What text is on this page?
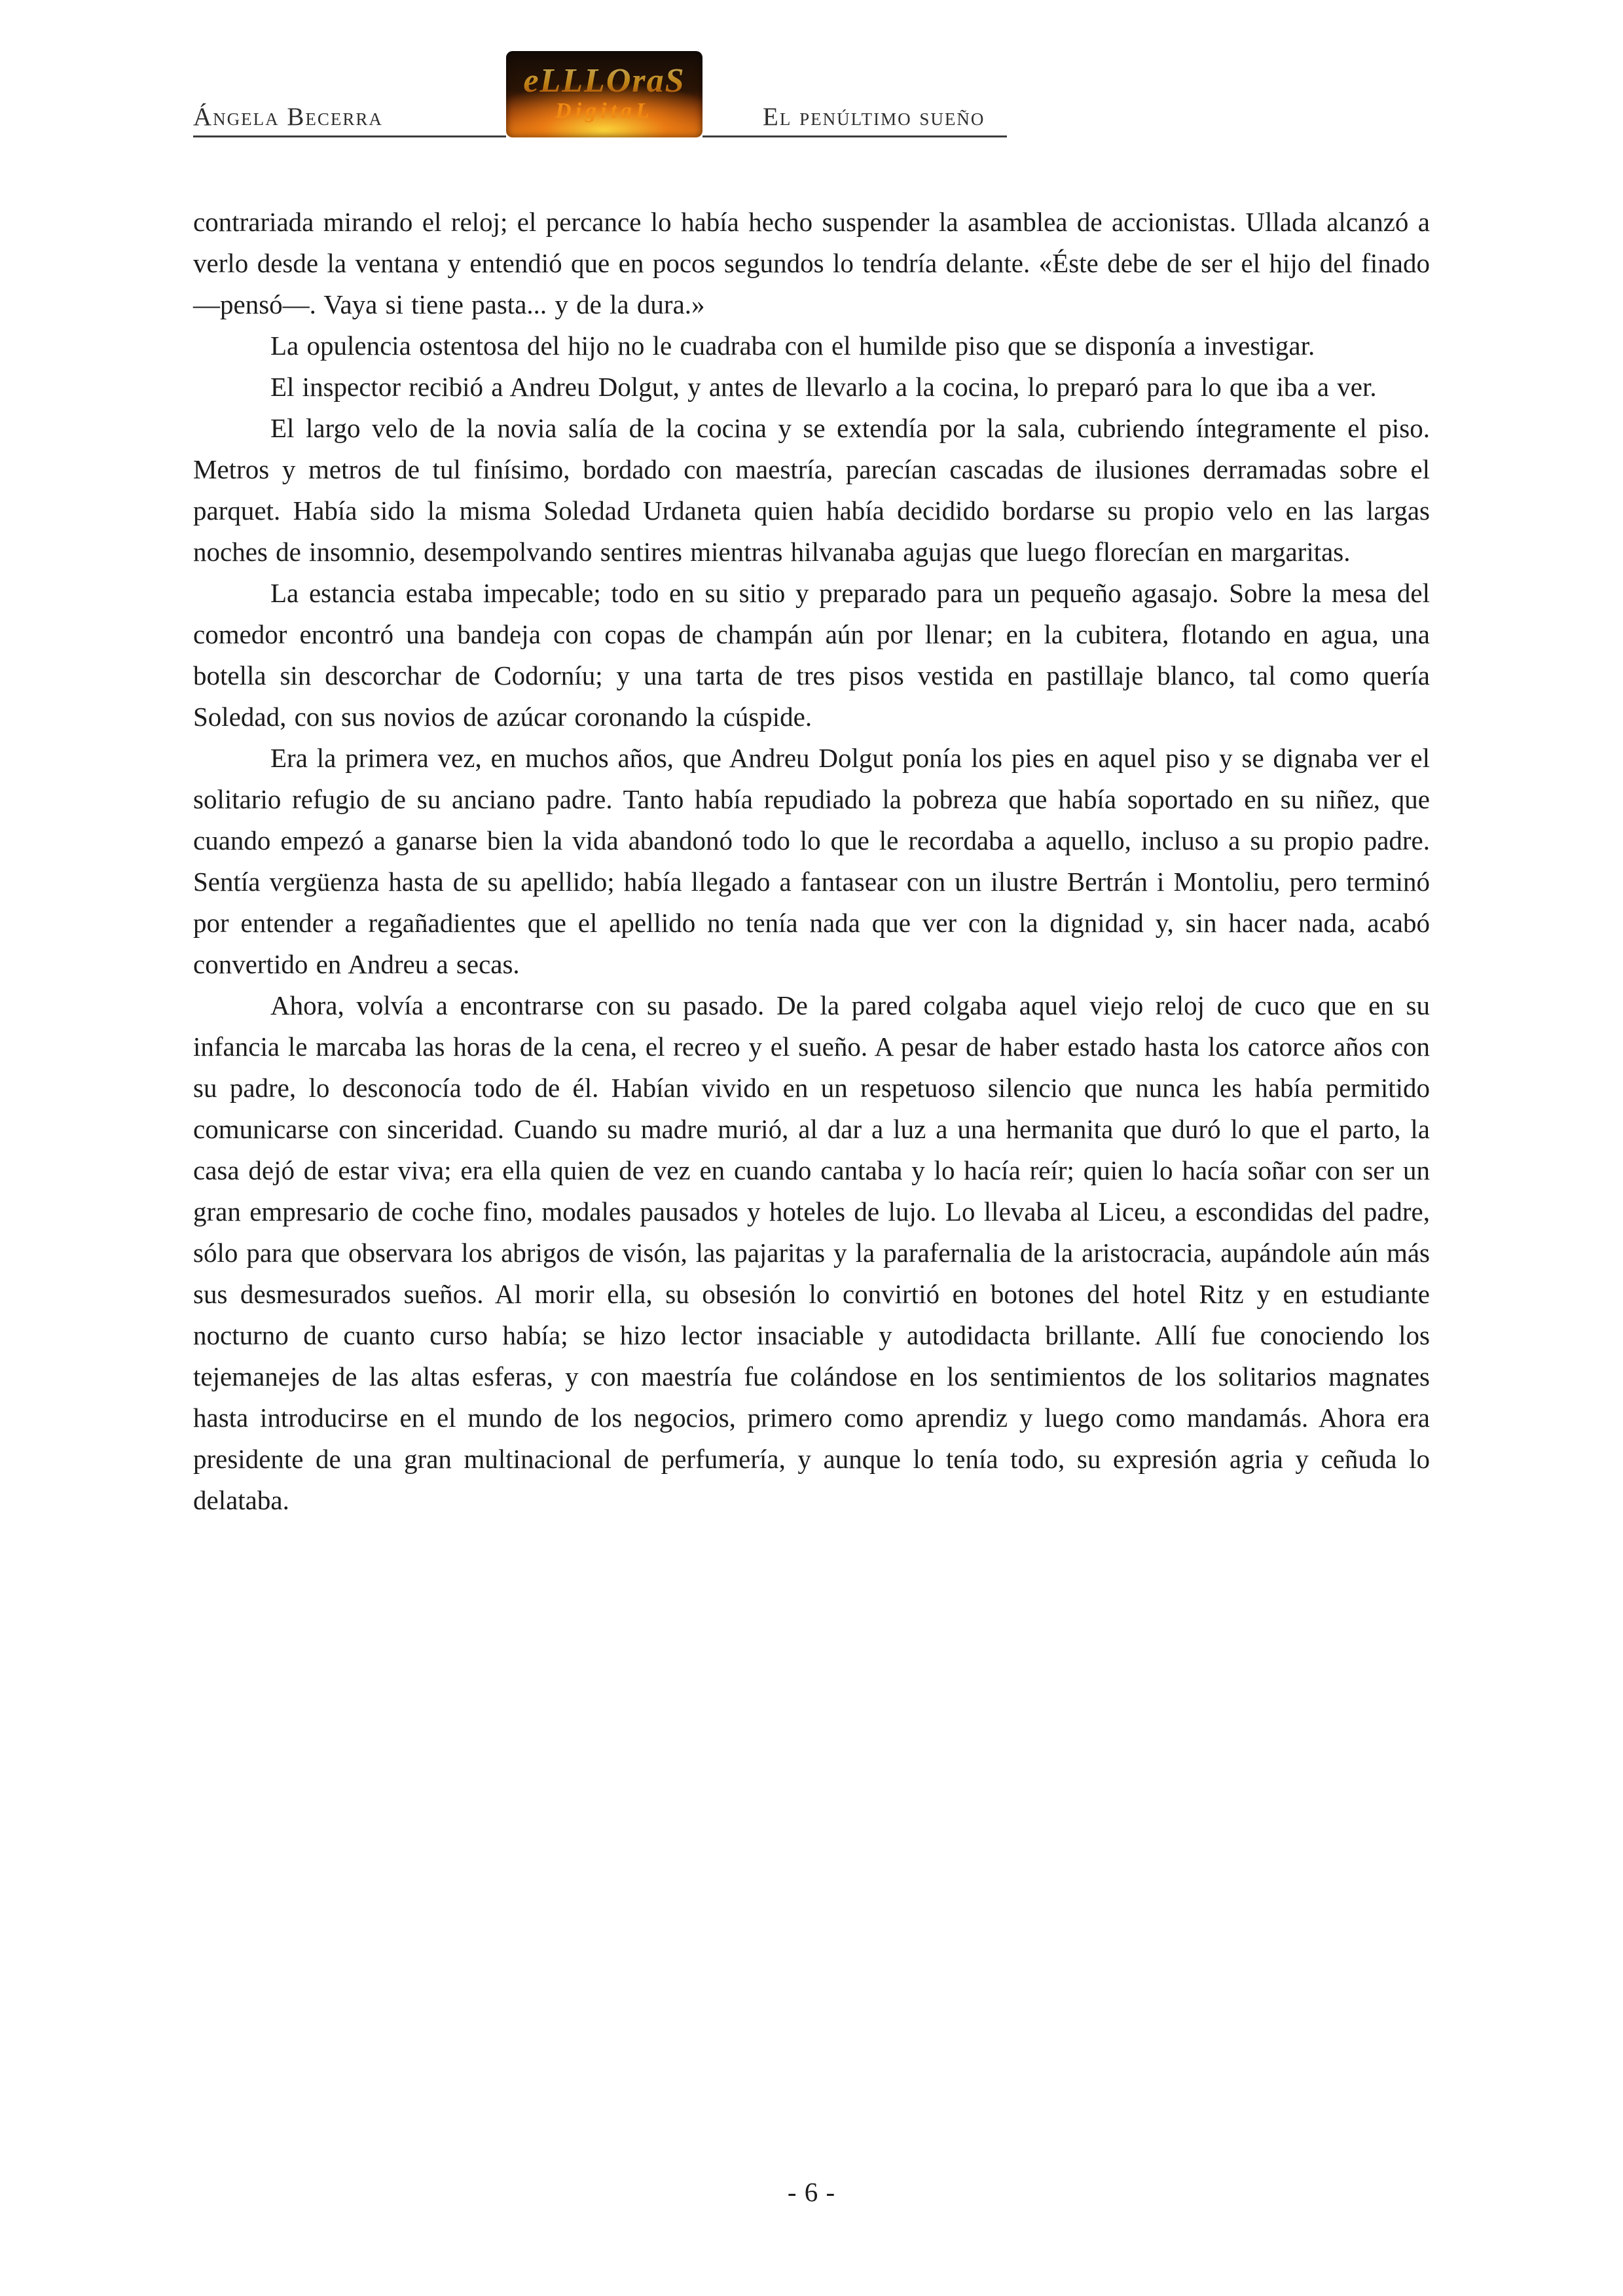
Ángela Becerra
eLLLOraS
DigitaL	El penúltimo sueño

contrariada mirando el reloj; el percance lo había hecho suspender la asamblea de accionistas. Ullada alcanzó a verlo desde la ventana y entendió que en pocos segundos lo tendría delante. «Éste debe de ser el hijo del finado —pensó—. Vaya si tiene pasta... y de la dura.»

La opulencia ostentosa del hijo no le cuadraba con el humilde piso que se disponía a investigar.

El inspector recibió a Andreu Dolgut, y antes de llevarlo a la cocina, lo preparó para lo que iba a ver.

El largo velo de la novia salía de la cocina y se extendía por la sala, cubriendo íntegramente el piso. Metros y metros de tul finísimo, bordado con maestría, parecían cascadas de ilusiones derramadas sobre el parquet. Había sido la misma Soledad Urdaneta quien había decidido bordarse su propio velo en las largas noches de insomnio, desempolvando sentires mientras hilvanaba agujas que luego florecían en margaritas.

La estancia estaba impecable; todo en su sitio y preparado para un pequeño agasajo. Sobre la mesa del comedor encontró una bandeja con copas de champán aún por llenar; en la cubitera, flotando en agua, una botella sin descorchar de Codorníu; y una tarta de tres pisos vestida en pastillaje blanco, tal como quería Soledad, con sus novios de azúcar coronando la cúspide.

Era la primera vez, en muchos años, que Andreu Dolgut ponía los pies en aquel piso y se dignaba ver el solitario refugio de su anciano padre. Tanto había repudiado la pobreza que había soportado en su niñez, que cuando empezó a ganarse bien la vida abandonó todo lo que le recordaba a aquello, incluso a su propio padre. Sentía vergüenza hasta de su apellido; había llegado a fantasear con un ilustre Bertrán i Montoliu, pero terminó por entender a regañadientes que el apellido no tenía nada que ver con la dignidad y, sin hacer nada, acabó convertido en Andreu a secas.

Ahora, volvía a encontrarse con su pasado. De la pared colgaba aquel viejo reloj de cuco que en su infancia le marcaba las horas de la cena, el recreo y el sueño. A pesar de haber estado hasta los catorce años con su padre, lo desconocía todo de él. Habían vivido en un respetuoso silencio que nunca les había permitido comunicarse con sinceridad. Cuando su madre murió, al dar a luz a una hermanita que duró lo que el parto, la casa dejó de estar viva; era ella quien de vez en cuando cantaba y lo hacía reír; quien lo hacía soñar con ser un gran empresario de coche fino, modales pausados y hoteles de lujo. Lo llevaba al Liceu, a escondidas del padre, sólo para que observara los abrigos de visón, las pajaritas y la parafernalia de la aristocracia, aupándole aún más sus desmesurados sueños. Al morir ella, su obsesión lo convirtió en botones del hotel Ritz y en estudiante nocturno de cuanto curso había; se hizo lector insaciable y autodidacta brillante. Allí fue conociendo los tejemanejes de las altas esferas, y con maestría fue colándose en los sentimientos de los solitarios magnates hasta introducirse en el mundo de los negocios, primero como aprendiz y luego como mandamás. Ahora era presidente de una gran multinacional de perfumería, y aunque lo tenía todo, su expresión agria y ceñuda lo delataba.

- 6 -
